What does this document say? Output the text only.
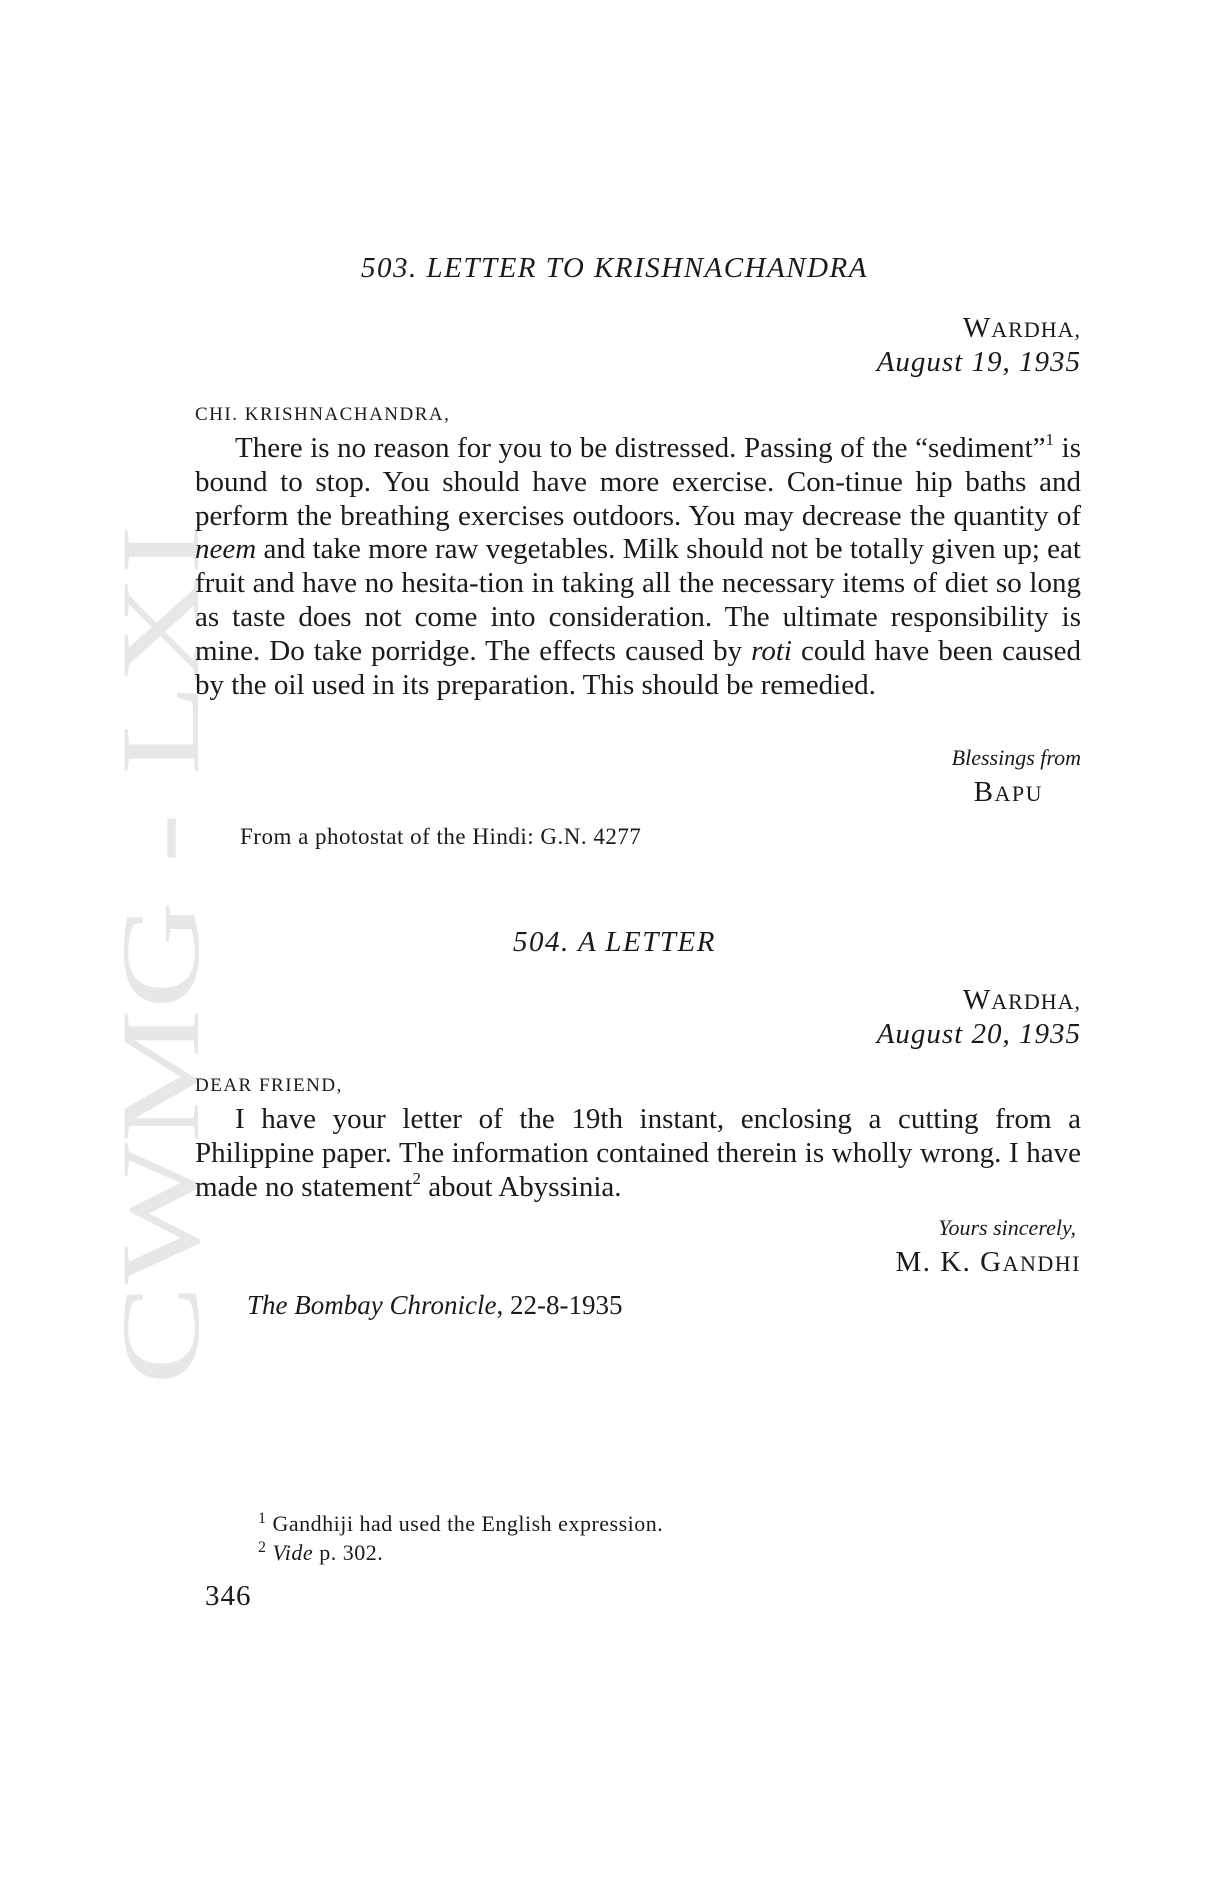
CWMG - LXI
503. LETTER TO KRISHNACHANDRA
WARDHA,
August 19, 1935
CHI. KRISHNACHANDRA,

There is no reason for you to be distressed. Passing of the “sediment”$^1$ is bound to stop. You should have more exercise. Con-tinue hip baths and perform the breathing exercises outdoors. You may decrease the quantity of neem and take more raw vegetables. Milk should not be totally given up; eat fruit and have no hesita-tion in taking all the necessary items of diet so long as taste does not come into consideration. The ultimate responsibility is mine. Do take porridge. The effects caused by roti could have been caused by the oil used in its preparation. This should be remedied.

Blessings from
BAPU
From a photostat of the Hindi: G.N. 4277
504. A LETTER
WARDHA,
August 20, 1935
DEAR FRIEND,

I have your letter of the 19th instant, enclosing a cutting from a Philippine paper. The information contained therein is wholly wrong. I have made no statement$^2$ about Abyssinia.

Yours sincerely,
M. K. GANDHI
The Bombay Chronicle, 22-8-1935
$^1$ Gandhiji had used the English expression.
$^2$ Vide p. 302.
346
